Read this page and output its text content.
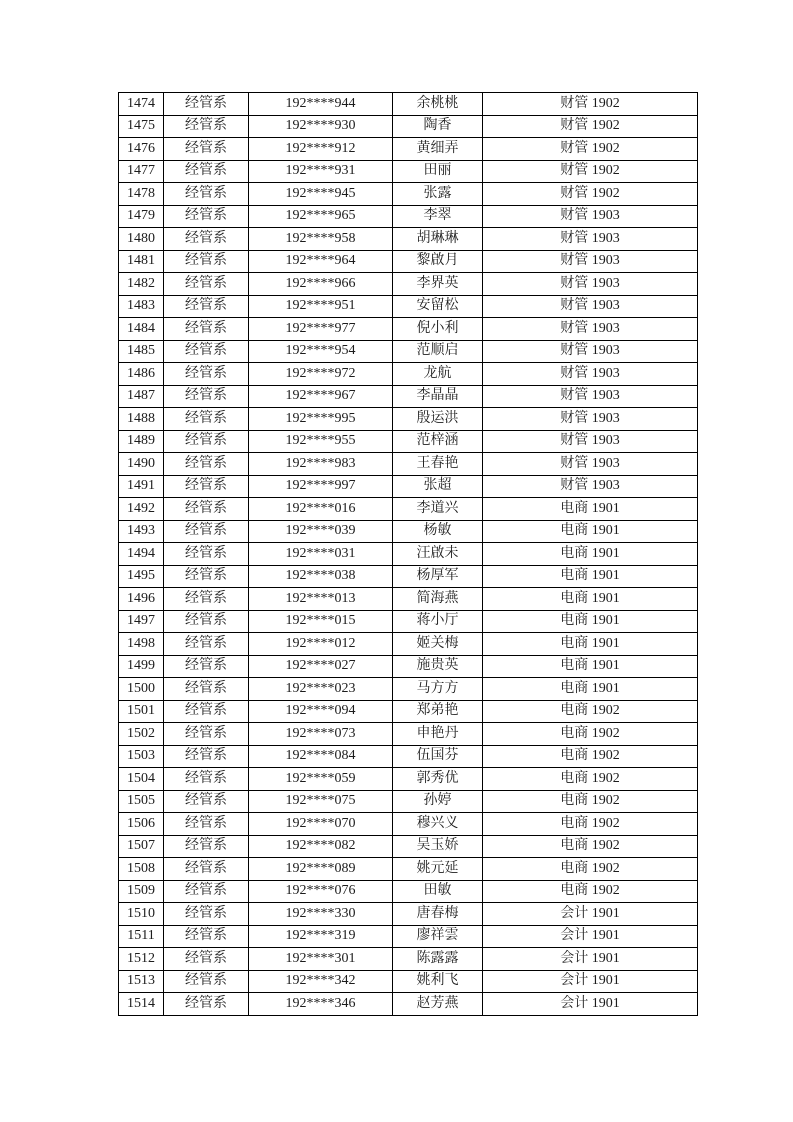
1474	经管系	192****944	余桃桃	财管 1902
1475	经管系	192****930	陶香	财管 1902
1476	经管系	192****912	黄细弄	财管 1902
1477	经管系	192****931	田丽	财管 1902
1478	经管系	192****945	张露	财管 1902
1479	经管系	192****965	李翠	财管 1903
1480	经管系	192****958	胡琳琳	财管 1903
1481	经管系	192****964	黎啟月	财管 1903
1482	经管系	192****966	李界英	财管 1903
1483	经管系	192****951	安留松	财管 1903
1484	经管系	192****977	倪小利	财管 1903
1485	经管系	192****954	范顺启	财管 1903
1486	经管系	192****972	龙航	财管 1903
1487	经管系	192****967	李晶晶	财管 1903
1488	经管系	192****995	殷运洪	财管 1903
1489	经管系	192****955	范梓涵	财管 1903
1490	经管系	192****983	王春艳	财管 1903
1491	经管系	192****997	张超	财管 1903
1492	经管系	192****016	李道兴	电商 1901
1493	经管系	192****039	杨敏	电商 1901
1494	经管系	192****031	汪啟未	电商 1901
1495	经管系	192****038	杨厚军	电商 1901
1496	经管系	192****013	简海燕	电商 1901
1497	经管系	192****015	蒋小厅	电商 1901
1498	经管系	192****012	姬关梅	电商 1901
1499	经管系	192****027	施贵英	电商 1901
1500	经管系	192****023	马方方	电商 1901
1501	经管系	192****094	郑弟艳	电商 1902
1502	经管系	192****073	申艳丹	电商 1902
1503	经管系	192****084	伍国芬	电商 1902
1504	经管系	192****059	郭秀优	电商 1902
1505	经管系	192****075	孙婷	电商 1902
1506	经管系	192****070	穆兴义	电商 1902
1507	经管系	192****082	吴玉娇	电商 1902
1508	经管系	192****089	姚元延	电商 1902
1509	经管系	192****076	田敏	电商 1902
1510	经管系	192****330	唐春梅	会计 1901
1511	经管系	192****319	廖祥雲	会计 1901
1512	经管系	192****301	陈露露	会计 1901
1513	经管系	192****342	姚利飞	会计 1901
1514	经管系	192****346	赵芳燕	会计 1901
